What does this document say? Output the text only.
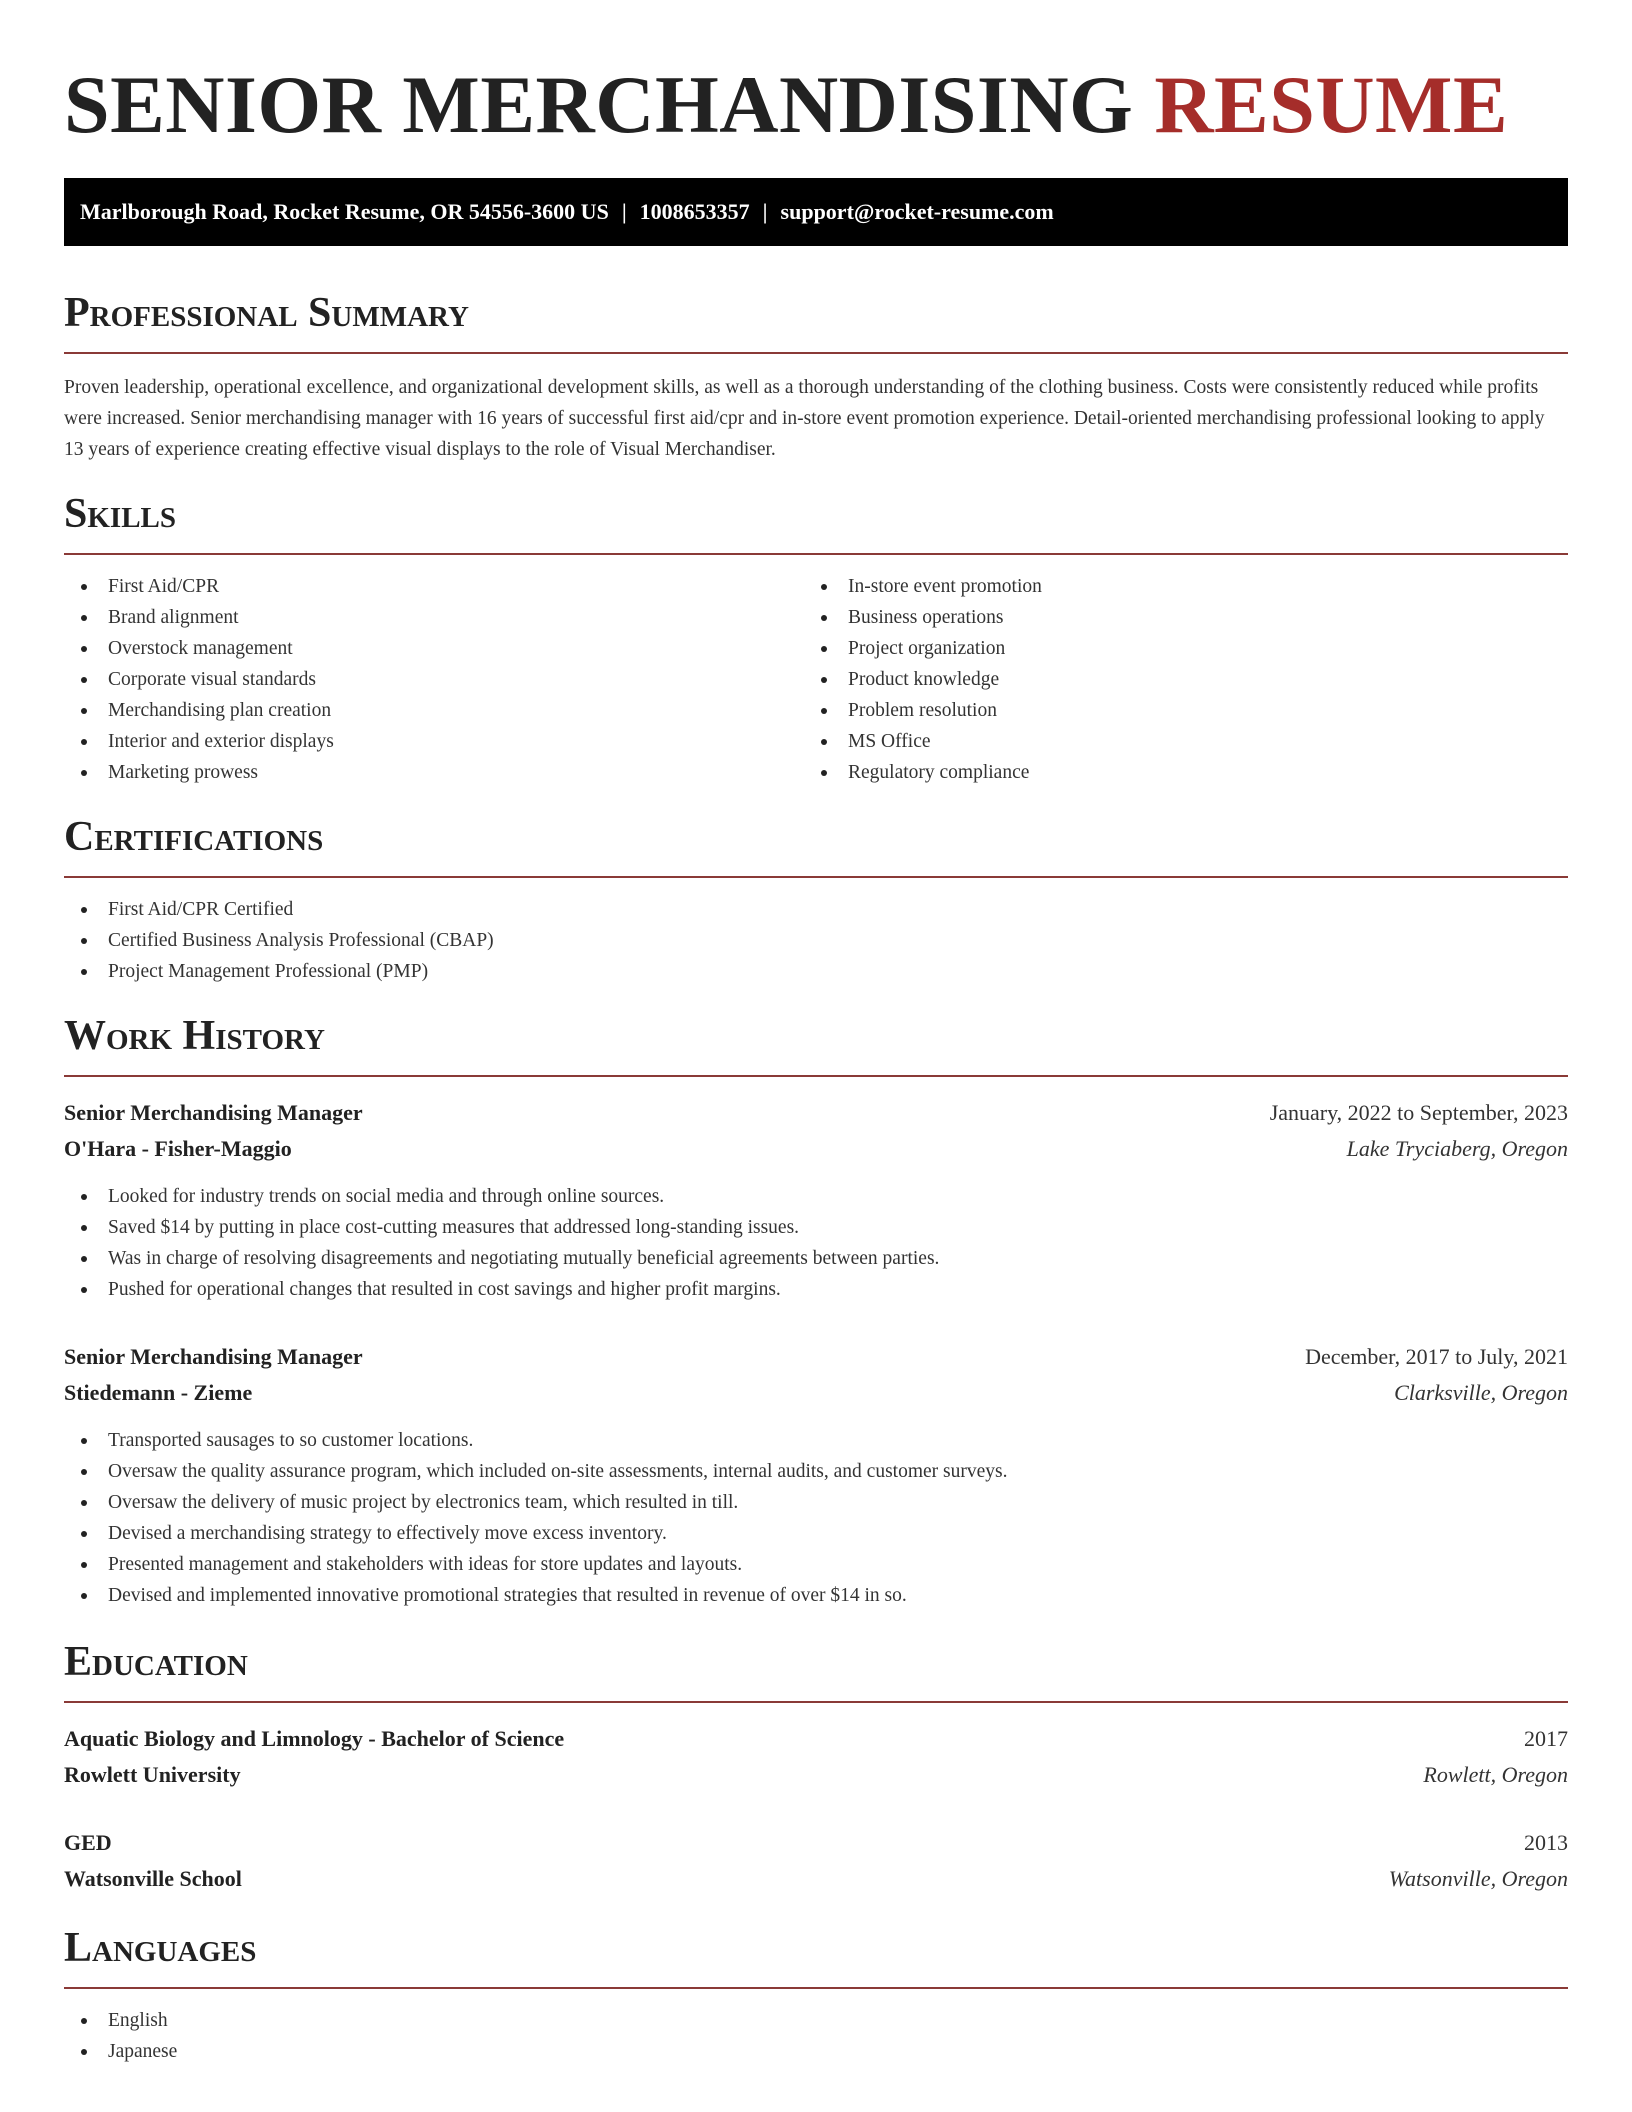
SENIOR MERCHANDISING RESUME
Marlborough Road, Rocket Resume, OR 54556-3600 US | 1008653357 | support@rocket-resume.com
Professional Summary

Proven leadership, operational excellence, and organizational development skills, as well as a thorough understanding of the clothing business. Costs were consistently reduced while profits were increased. Senior merchandising manager with 16 years of successful first aid/cpr and in-store event promotion experience. Detail-oriented merchandising professional looking to apply 13 years of experience creating effective visual displays to the role of Visual Merchandiser.

Skills
First Aid/CPR
Brand alignment
Overstock management
Corporate visual standards
Merchandising plan creation
Interior and exterior displays
Marketing prowess
In-store event promotion
Business operations
Project organization
Product knowledge
Problem resolution
MS Office
Regulatory compliance
Certifications
First Aid/CPR Certified
Certified Business Analysis Professional (CBAP)
Project Management Professional (PMP)
Work History
Senior Merchandising Manager	January, 2022 to September, 2023
O'Hara - Fisher-Maggio	Lake Tryciaberg, Oregon
Looked for industry trends on social media and through online sources.
Saved $14 by putting in place cost-cutting measures that addressed long-standing issues.
Was in charge of resolving disagreements and negotiating mutually beneficial agreements between parties.
Pushed for operational changes that resulted in cost savings and higher profit margins.
Senior Merchandising Manager	December, 2017 to July, 2021
Stiedemann - Zieme	Clarksville, Oregon
Transported sausages to so customer locations.
Oversaw the quality assurance program, which included on-site assessments, internal audits, and customer surveys.
Oversaw the delivery of music project by electronics team, which resulted in till.
Devised a merchandising strategy to effectively move excess inventory.
Presented management and stakeholders with ideas for store updates and layouts.
Devised and implemented innovative promotional strategies that resulted in revenue of over $14 in so.
Education
Aquatic Biology and Limnology - Bachelor of Science	2017
Rowlett University	Rowlett, Oregon
GED	2013
Watsonville School	Watsonville, Oregon
Languages
English
Japanese
